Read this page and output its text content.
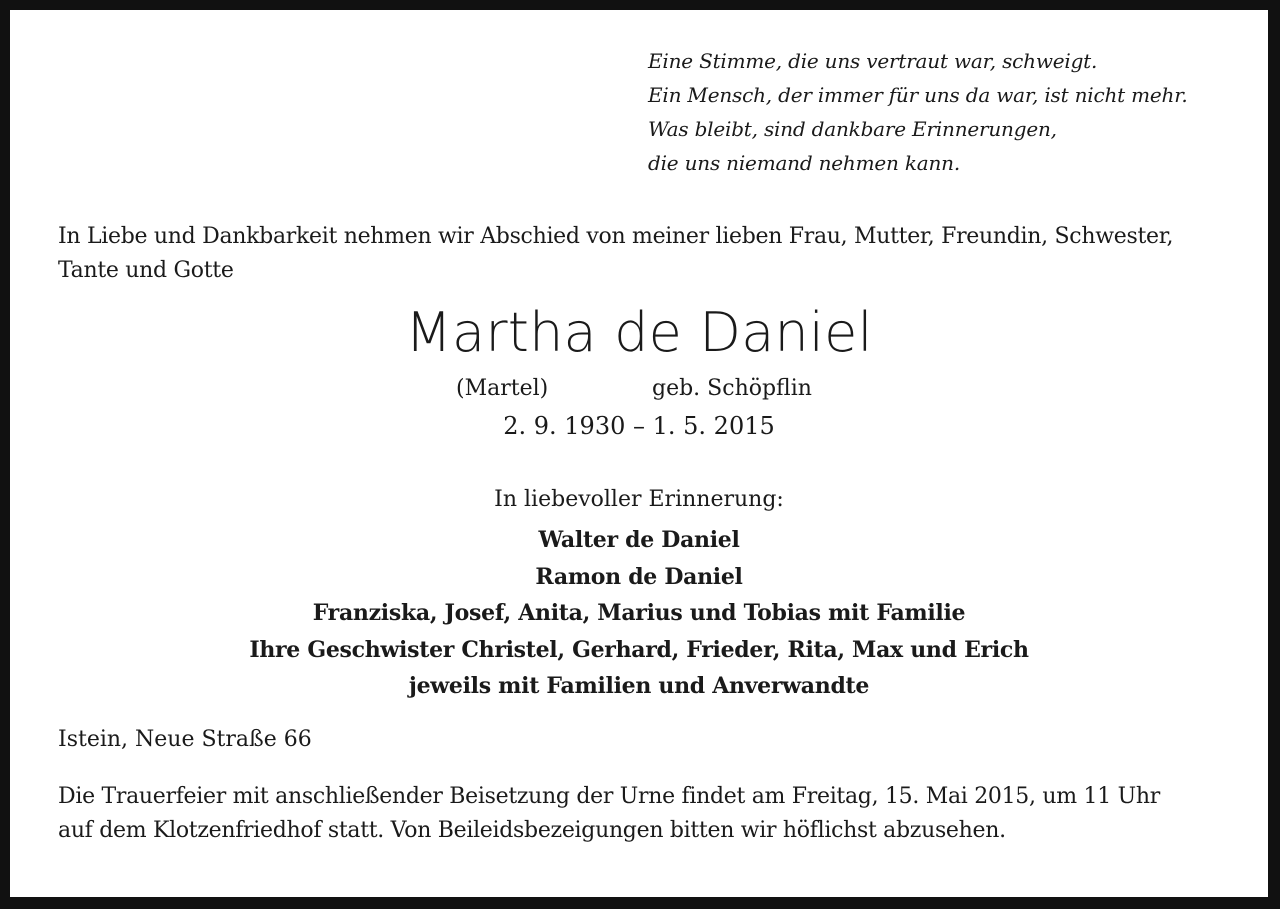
Eine Stimme, die uns vertraut war, schweigt.
Ein Mensch, der immer für uns da war, ist nicht mehr.
Was bleibt, sind dankbare Erinnerungen,
die uns niemand nehmen kann.
In Liebe und Dankbarkeit nehmen wir Abschied von meiner lieben Frau, Mutter, Freundin, Schwester,
Tante und Gotte
Martha de Daniel
(Martel)	geb. Schöpflin
2. 9. 1930 – 1. 5. 2015
In liebevoller Erinnerung:
Walter de Daniel
Ramon de Daniel
Franziska, Josef, Anita, Marius und Tobias mit Familie
Ihre Geschwister Christel, Gerhard, Frieder, Rita, Max und Erich
jeweils mit Familien und Anverwandte
Istein, Neue Straße 66
Die Trauerfeier mit anschließender Beisetzung der Urne findet am Freitag, 15. Mai 2015, um 11 Uhr
auf dem Klotzenfriedhof statt. Von Beileidsbezeigungen bitten wir höflichst abzusehen.
